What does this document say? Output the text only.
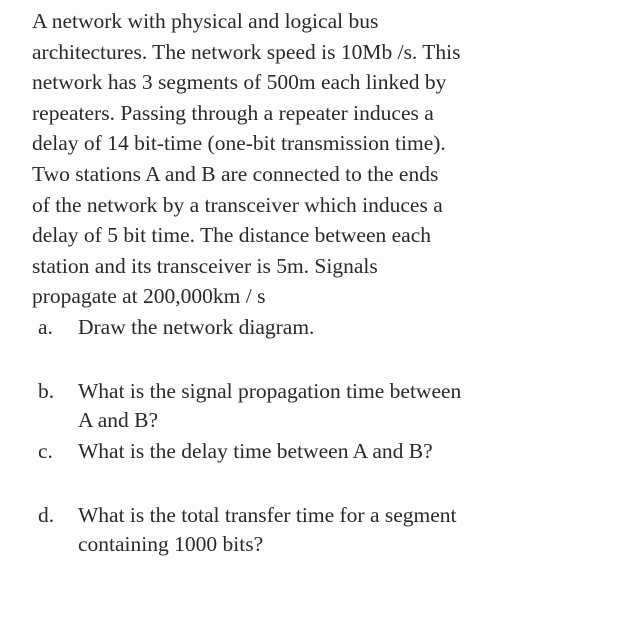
A network with physical and logical bus
architectures. The network speed is 10Mb /s. This
network has 3 segments of 500m each linked by
repeaters. Passing through a repeater induces a
delay of 14 bit-time (one-bit transmission time).
Two stations A and B are connected to the ends
of the network by a transceiver which induces a
delay of 5 bit time. The distance between each
station and its transceiver is 5m. Signals
propagate at 200,000km / s

a.	Draw the network diagram.
b.	What is the signal propagation time between
A and B?
c.	What is the delay time between A and B?
d.	What is the total transfer time for a segment
containing 1000 bits?
